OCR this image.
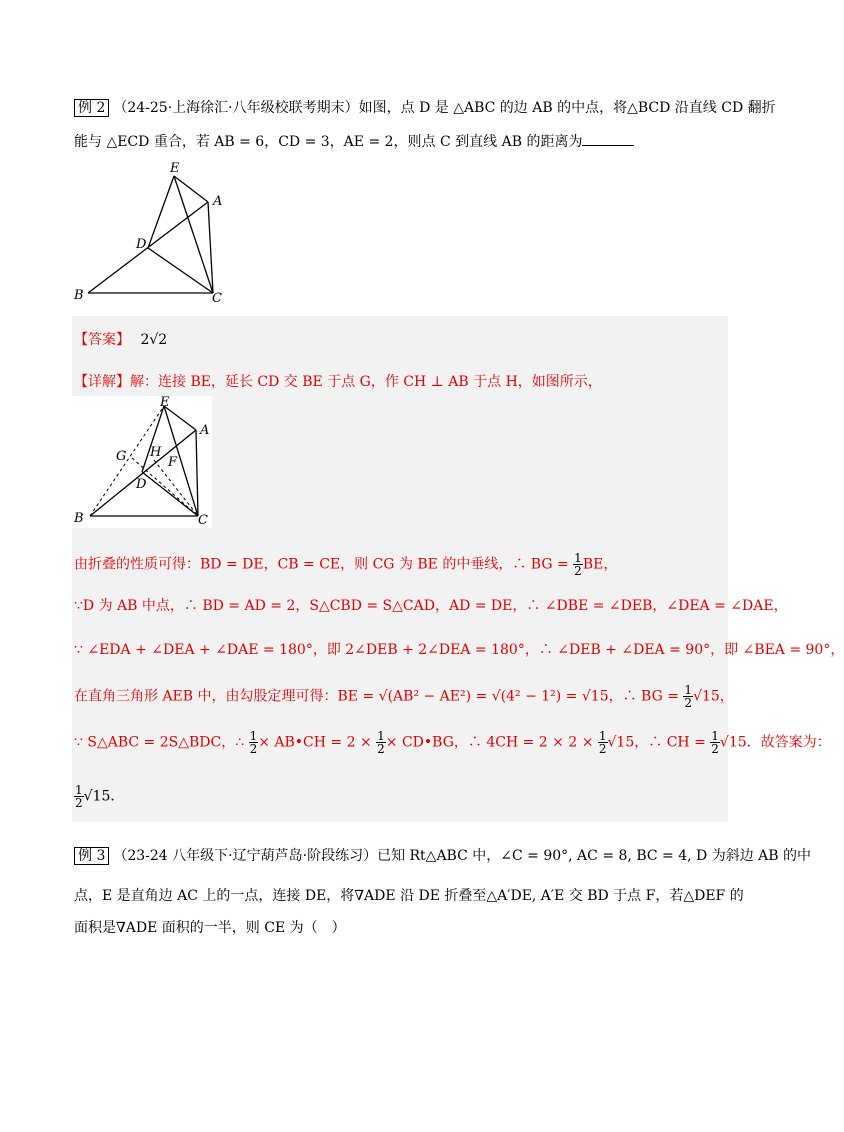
例 2 （24-25·上海徐汇·八年级校联考期末）如图，点 D 是 △ABC 的边 AB 的中点，将△BCD 沿直线 CD 翻折
能与 △ECD 重合，若 AB = 6，CD = 3，AE = 2，则点 C 到直线 AB 的距离为
E
A
D
B	C
【答案】 2√2
【详解】解：连接 BE，延长 CD 交 BE 于点 G，作 CH ⊥ AB 于点 H，如图所示，
E
A
G H
F
D
B	C
由折叠的性质可得：BD = DE，CB = CE，则 CG 为 BE 的中垂线，∴ BG = $\frac{1}{2}$ BE，
∵D 为 AB 中点，∴ BD = AD = 2，S△CBD = S△CAD，AD = DE，∴ ∠DBE = ∠DEB，∠DEA = ∠DAE，
∵ ∠EDA + ∠DEA + ∠DAE = 180°，即 2∠DEB + 2∠DEA = 180°，∴ ∠DEB + ∠DEA = 90°，即 ∠BEA = 90°，
在直角三角形 AEB 中，由勾股定理可得：BE = √(AB² − AE²) = √(4² − 1²) = √15，∴ BG = $\frac{1}{2} √15$，
∵ S△ABC = 2S△BDC，∴ $\frac{1}{2}$ × AB•CH = $2 \times \frac{1}{2}$ × CD•BG，∴ $4CH = 2 \times 2 \times \frac{1}{2} √15$，∴ CH = $\frac{1}{2} √15$．故答案为：
$\frac{1}{2} √15$．
例 3 （23-24 八年级下·辽宁葫芦岛·阶段练习）已知 Rt△ABC 中，∠C = 90°, AC = 8, BC = 4, D 为斜边 AB 的中
点，E 是直角边 AC 上的一点，连接 DE，将∇ADE 沿 DE 折叠至△A′DE, A′E 交 BD 于点 F，若△DEF 的
面积是∇ADE 面积的一半，则 CE 为（　）
